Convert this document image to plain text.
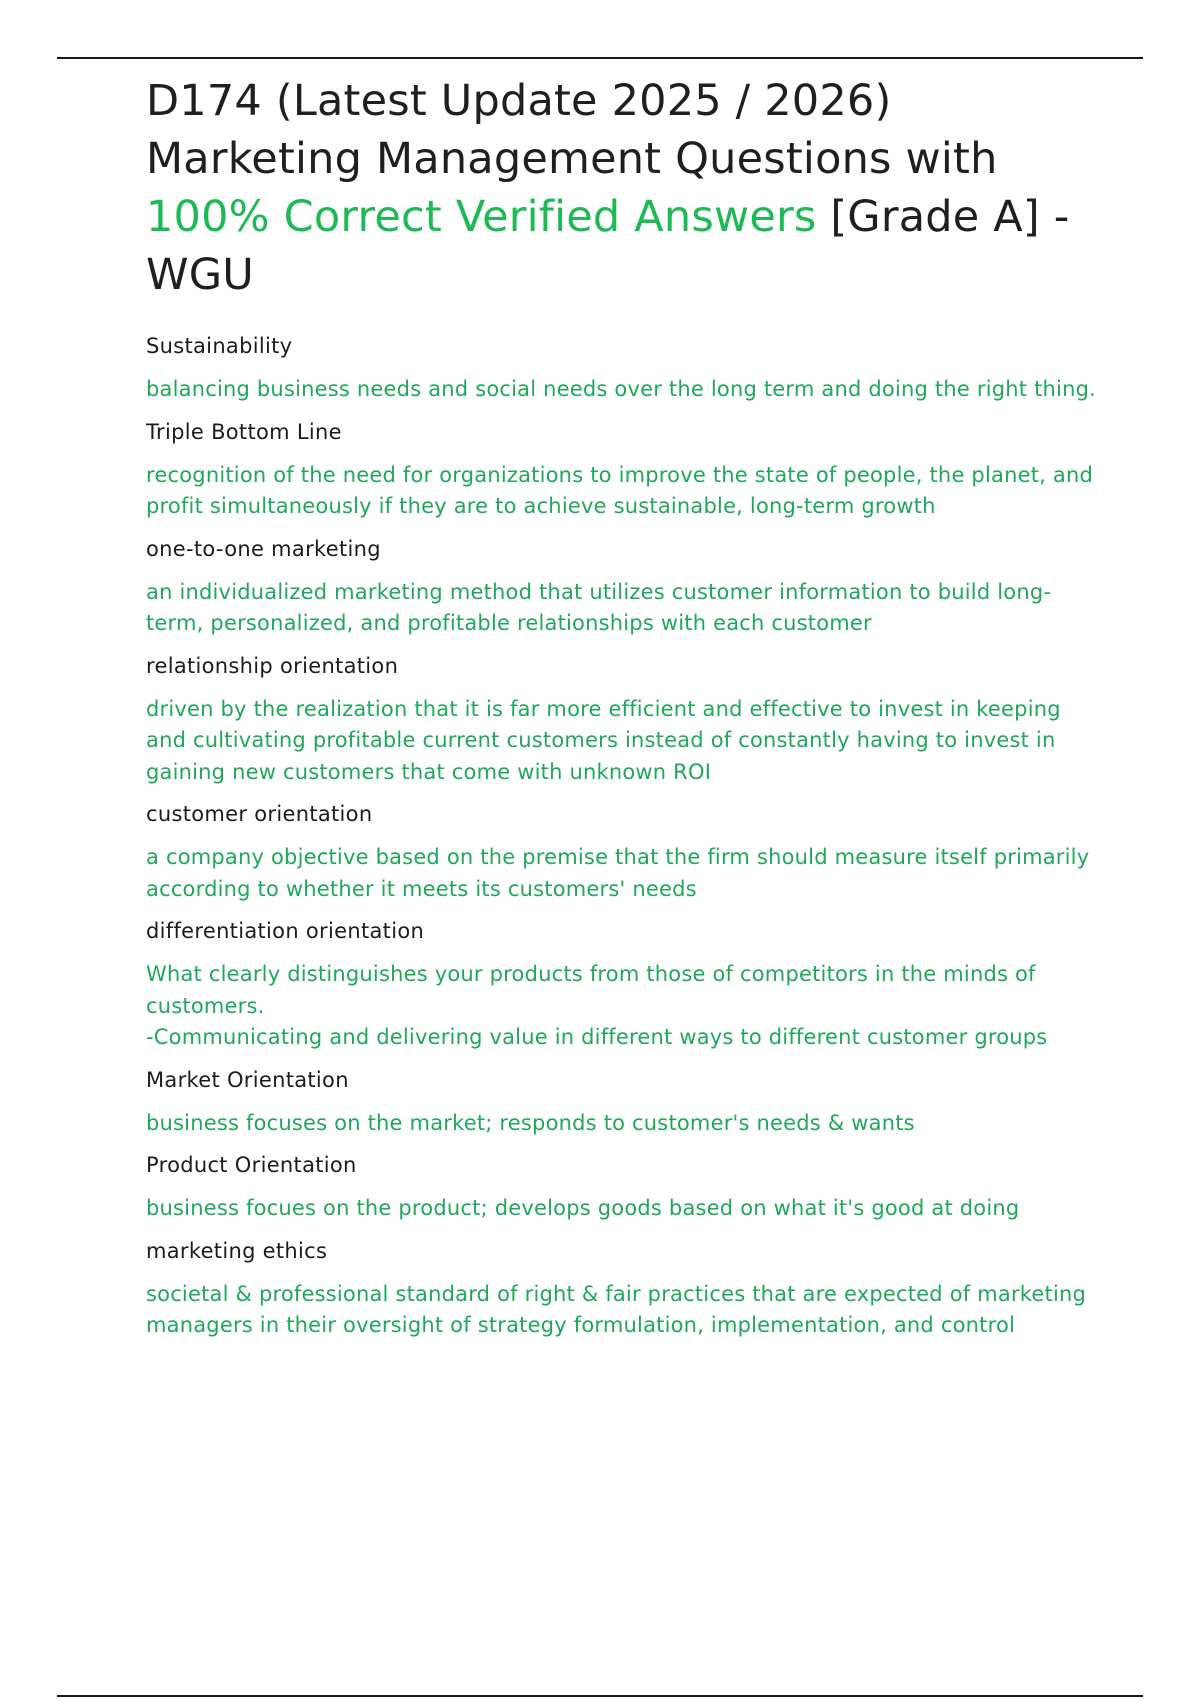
D174 (Latest Update 2025 / 2026) Marketing Management Questions with 100% Correct Verified Answers [Grade A] - WGU

Sustainability

balancing business needs and social needs over the long term and doing the right thing.

Triple Bottom Line

recognition of the need for organizations to improve the state of people, the planet, and profit simultaneously if they are to achieve sustainable, long-term growth

one-to-one marketing

an individualized marketing method that utilizes customer information to build long-term, personalized, and profitable relationships with each customer

relationship orientation

driven by the realization that it is far more efficient and effective to invest in keeping and cultivating profitable current customers instead of constantly having to invest in gaining new customers that come with unknown ROI

customer orientation

a company objective based on the premise that the firm should measure itself primarily according to whether it meets its customers' needs

differentiation orientation

What clearly distinguishes your products from those of competitors in the minds of customers.
-Communicating and delivering value in different ways to different customer groups

Market Orientation

business focuses on the market; responds to customer's needs & wants

Product Orientation

business focues on the product; develops goods based on what it's good at doing

marketing ethics

societal & professional standard of right & fair practices that are expected of marketing managers in their oversight of strategy formulation, implementation, and control
